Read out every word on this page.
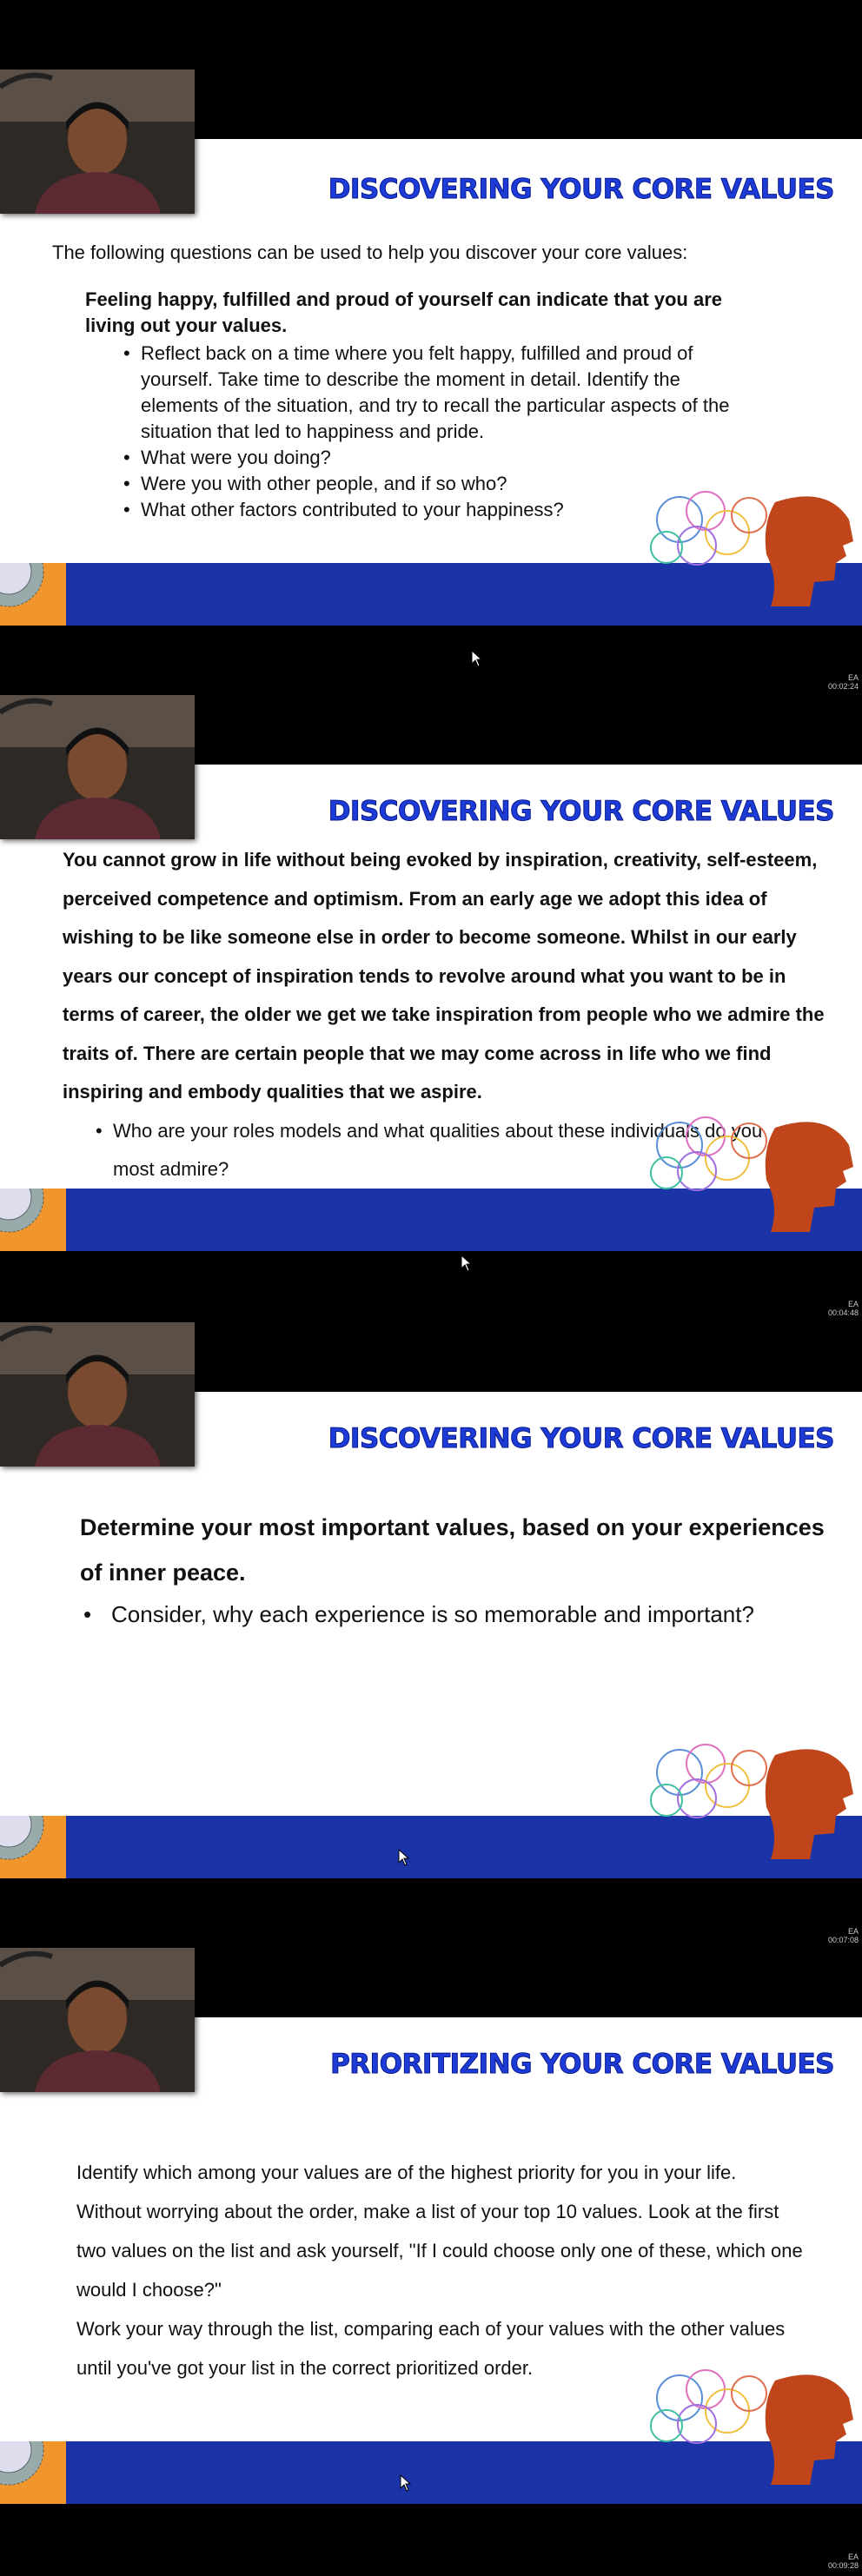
DISCOVERING YOUR CORE VALUES
The following questions can be used to help you discover your core values:
Feeling happy, fulfilled and proud of yourself can indicate that you are living out your values.
• Reflect back on a time where you felt happy, fulfilled and proud of yourself. Take time to describe the moment in detail. Identify the elements of the situation, and try to recall the particular aspects of the situation that led to happiness and pride.
• What were you doing?
• Were you with other people, and if so who?
• What other factors contributed to your happiness?
EA
00:02:24
DISCOVERING YOUR CORE VALUES
You cannot grow in life without being evoked by inspiration, creativity, self-esteem, perceived competence and optimism. From an early age we adopt this idea of wishing to be like someone else in order to become someone. Whilst in our early years our concept of inspiration tends to revolve around what you want to be in terms of career, the older we get we take inspiration from people who we admire the traits of. There are certain people that we may come across in life who we find inspiring and embody qualities that we aspire.
• Who are your roles models and what qualities about these individuals do you most admire?
EA
00:04:48
DISCOVERING YOUR CORE VALUES
Determine your most important values, based on your experiences of inner peace.
• Consider, why each experience is so memorable and important?
EA
00:07:08
PRIORITIZING YOUR CORE VALUES
Identify which among your values are of the highest priority for you in your life. Without worrying about the order, make a list of your top 10 values. Look at the first two values on the list and ask yourself, "If I could choose only one of these, which one would I choose?"
Work your way through the list, comparing each of your values with the other values until you've got your list in the correct prioritized order.
EA
00:09:28
